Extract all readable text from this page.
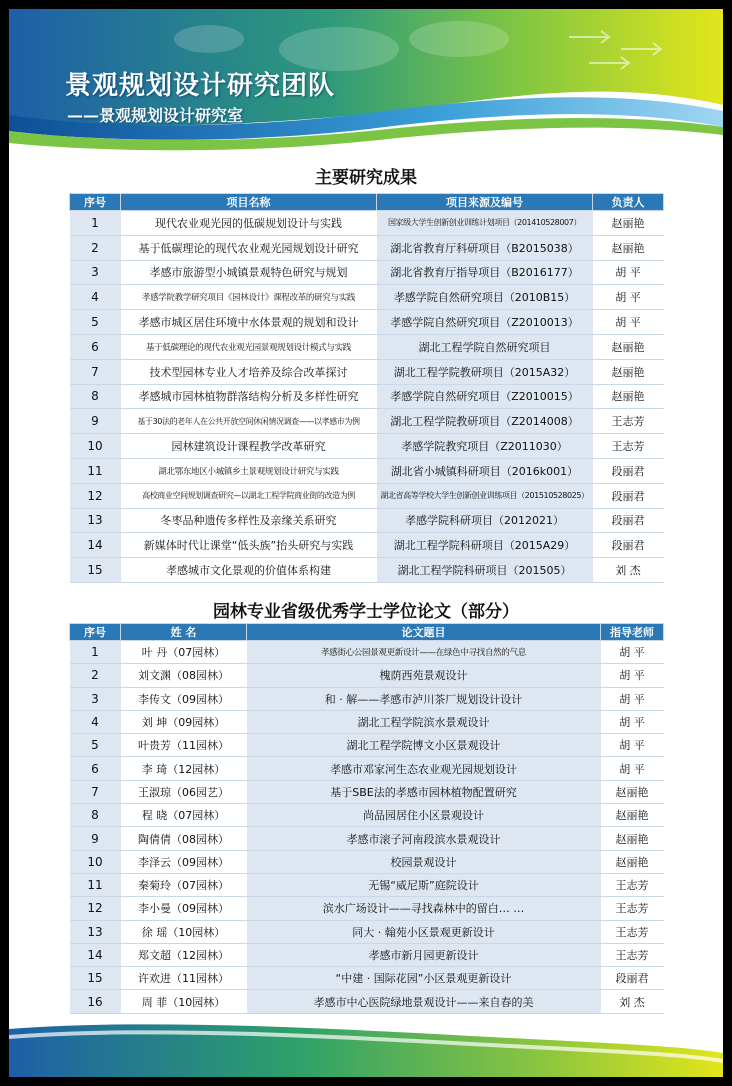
景观规划设计研究团队
——景观规划设计研究室
主要研究成果
序号	项目名称	项目来源及编号	负责人
1	现代农业观光园的低碳规划设计与实践	国家级大学生创新创业训练计划项目（201410528007）	赵丽艳
2	基于低碳理论的现代农业观光园规划设计研究	湖北省教育厅科研项目（B2015038）	赵丽艳
3	孝感市旅游型小城镇景观特色研究与规划	湖北省教育厅指导项目（B2016177）	胡 平
4	孝感学院教学研究项目《园林设计》课程改革的研究与实践	孝感学院自然研究项目（2010B15）	胡 平
5	孝感市城区居住环境中水体景观的规划和设计	孝感学院自然研究项目（Z2010013）	胡 平
6	基于低碳理论的现代农业观光园景观规划设计模式与实践	湖北工程学院自然研究项目	赵丽艳
7	技术型园林专业人才培养及综合改革探讨	湖北工程学院教研项目（2015A32）	赵丽艳
8	孝感城市园林植物群落结构分析及多样性研究	孝感学院自然研究项目（Z2010015）	赵丽艳
9	基于30法的老年人在公共开放空间休闲情况调查——以孝感市为例	湖北工程学院教研项目（Z2014008）	王志芳
10	园林建筑设计课程教学改革研究	孝感学院教究项目（Z2011030）	王志芳
11	湖北鄂东地区小城镇乡土景观规划设计研究与实践	湖北省小城镇科研项目（2016k001）	段丽君
12	高校商业空间规划调查研究—以湖北工程学院商业街的改造为例	湖北省高等学校大学生创新创业训练项目（201510528025）	段丽君
13	冬枣品种遗传多样性及亲缘关系研究	孝感学院科研项目（2012021）	段丽君
14	新媒体时代让课堂“低头族”抬头研究与实践	湖北工程学院科研项目（2015A29）	段丽君
15	孝感城市文化景观的价值体系构建	湖北工程学院科研项目（201505）	刘 杰
园林专业省级优秀学士学位论文（部分）
序号	姓 名	论文题目	指导老师
1	叶 丹（07园林）	孝感街心公园景观更新设计——在绿色中寻找自然的气息	胡 平
2	刘文渊（08园林）	槐荫西苑景观设计	胡 平
3	李传文（09园林）	和 · 解——孝感市泸川茶厂规划设计设计	胡 平
4	刘 坤（09园林）	湖北工程学院滨水景观设计	胡 平
5	叶贵芳（11园林）	湖北工程学院博文小区景观设计	胡 平
6	李 琦（12园林）	孝感市邓家河生态农业观光园规划设计	胡 平
7	王淑琼（06园艺）	基于SBE法的孝感市园林植物配置研究	赵丽艳
8	程 晓（07园林）	尚品园居住小区景观设计	赵丽艳
9	陶倩倩（08园林）	孝感市滚子河南段滨水景观设计	赵丽艳
10	李泽云（09园林）	校园景观设计	赵丽艳
11	秦菊玲（07园林）	无锡“威尼斯”庭院设计	王志芳
12	李小曼（09园林）	滨水广场设计——寻找森林中的留白… …	王志芳
13	徐 瑶（10园林）	同大 · 翰苑小区景观更新设计	王志芳
14	郑文超（12园林）	孝感市新月园更新设计	王志芳
15	许欢进（11园林）	“中建 · 国际花园”小区景观更新设计	段丽君
16	周 菲（10园林）	孝感市中心医院绿地景观设计——来自春的美	刘 杰
